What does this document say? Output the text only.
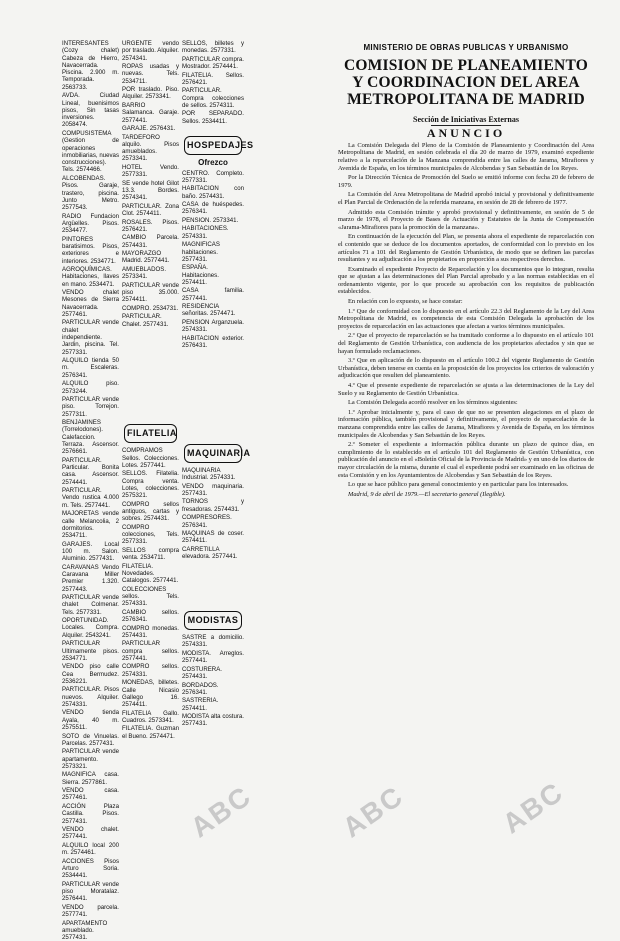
INTERESANTES (Cozy chalet) Cabeza de Hierro, Navacerrada. Piscina. 2.900 m. Temporada. 2563733.

AVDA. Ciudad Lineal, buenisimos pisos, Sin tasas inversiones. 2058474.

COMPUSISTEMA (Gestion de operaciones inmobiliarias, nuevas construcciones). Tels. 2574466.

ALCOBENDAS. Pisos. Garaje, trastero, piscina. Junto Metro. 2577543.

RADIO Fundacion Argüelles. Pisos. 2534477.

PINTORES baratisimos. Pisos, exteriores e interiores. 2534771.

AGROQUÍMICAS. Habitaciones, llaves en mano. 2534471.

VENDO chalet Mesones de Sierra Navacerrada. 2577461.

PARTICULAR vende chalet independiente. Jardin, piscina. Tel. 2577331.

ALQUILO tienda 50 m. Escaleras. 2576341.

ALQUILO piso. 2573244.

PARTICULAR vende piso. Torrejon. 2577311.

BENJAMINES (Torrelodones). Calefaccion. Terraza. Ascensor. 2576661.

PARTICULAR. Particular. Bonita casa. Ascensor. 2574441.

PARTICULAR. Vendo rustica 4.000 m. Tels. 2577441.

MAJORETAS vende calle Melancolia, 2 dormitorios. 2534711.

GARAJES. Local 100 m. Salon. Aluminio. 2577431.

CARAVANAS Vendo Caravana Miller Premier 1.320. 2577443.

PARTICULAR vende chalet Colmenar. Tels. 2577331.

OPORTUNIDAD. Locales. Compra. Alquiler. 2543241.

PARTICULAR Ultimamente pisos. 2534771.

VENDO piso calle Cea Bermudez. 2536221.

PARTICULAR. Pisos nuevos. Alquiler. 2574331.

VENDO tienda Ayala, 40 m. 2575511.

SOTO de Vinuelas. Parcelas. 2577431.

PARTICULAR vende apartamento. 2573321.

MAGNIFICA casa. Sierra. 2577861.

VENDO casa. 2577461.

ACCIÓN Plaza Castilla. Pisos. 2577431.

VENDO chalet. 2577441.

ALQUILO local 200 m. 2574461.

ACCIONES Pisos Arturo Soria. 2534441.

PARTICULAR vende piso Moratalaz. 2576441.

VENDO parcela. 2577741.

APARTAMENTO amueblado. 2577431.

URGENTE vendo por traslado. Alquiler. 2574341.

ROPAS usadas y nuevas. Tels. 2534711.

POR traslado. Piso. Alquiler. 2573341.

BARRIO Salamanca. Garaje. 2577441.

GARAJE. 2576431.

TARDEFORO alquilo. Pisos amueblados. 2573341.

HOTEL Vendo. 2577331.

SE vende hotel Gilot 13.3. Bordes. 2574341.

PARTICULAR. Zona Clot. 2574411.

ROSALES. Pisos. 2576421.

CAMBIO Parcela. 2574431.

MAYORAZGO Madrid. 2577441.

AMUEBLADOS. 2573341.

PARTICULAR vende piso 35.000. 2574411.

COMPRO. 2534731.

PARTICULAR. Chalet. 2577431.

FILATELIA

COMPRAMOS Sellos. Colecciones. Lotes. 2577441.

SELLOS. Filatelia. Compra venta. Lotes, colecciones. 2575321.

COMPRO sellos antiguos, cartas y sobres. 2574431.

COMPRO colecciones, Tels. 2577331.

SELLOS compra venta. 2534711.

FILATELIA. Novedades. Catalogos. 2577441.

COLECCIONES sellos. Tels. 2574331.

CAMBIO sellos. 2576341.

COMPRO monedas. 2574431.

PARTICULAR compra sellos. 2577441.

COMPRO sellos. 2574331.

MONEDAS, billetes. Calle Nicasio Gallego 16. 2574411.

FILATELIA Gallo. Cuadros. 2573341.

FILATELIA. Guzman el Bueno. 2574471.

SELLOS, billetes y monedas. 2577331.

PARTICULAR compra. Mostrador. 2574441.

FILATELIA. Sellos. 2576421.

PARTICULAR. Compra colecciones de sellos. 2574311.

POR SEPARADO. Sellos. 2534411.

HOSPEDAJES
Ofrezco

CENTRO. Completo. 2577331.

HABITACION con baño. 2574431.

CASA de huéspedes. 2576341.

PENSION. 2573341.

HABITACIONES. 2574331.

MAGNIFICAS habitaciones. 2577431.

ESPAÑA. Habitaciones. 2574411.

CASA familia. 2577441.

RESIDENCIA señoritas. 2574471.

PENSION Arganzuela. 2574331.

HABITACION exterior. 2576431.

MAQUINARIA

MAQUINARIA Industrial. 2574331.

VENDO maquinaria. 2577431.

TORNOS y fresadoras. 2574431.

COMPRESORES. 2576341.

MAQUINAS de coser. 2574411.

CARRETILLA elevadora. 2577441.

MODISTAS

SASTRE a domicilio. 2574331.

MODISTA. Arreglos. 2577441.

COSTURERA. 2574431.

BORDADOS. 2576341.

SASTRERIA. 2574411.

MODISTA alta costura. 2577431.

MINISTERIO DE OBRAS PUBLICAS Y URBANISMO
COMISION DE PLANEAMIENTO Y COORDINACION DEL AREA METROPOLITANA DE MADRID
Sección de Iniciativas Externas
ANUNCIO

La Comisión Delegada del Pleno de la Comisión de Planeamiento y Coordinación del Area Metropolitana de Madrid, en sesión celebrada el día 20 de marzo de 1979, examinó expediente relativo a la reparcelación de la Manzana comprendida entre las calles de Jarama, Mirafiores y Avenida de España, en los términos municipales de Alcobendas y San Sebastián de los Reyes.

Por la Dirección Técnica de Promoción del Suelo se emitió informe con fecha 20 de febrero de 1979.

La Comisión del Area Metropolitana de Madrid aprobó inicial y provisional y definitivamente el Plan Parcial de Ordenación de la referida manzana, en sesión de 28 de febrero de 1977.

Admitido esta Comisión trámite y aprobó provisional y definitivamente, en sesión de 5 de marzo de 1978, el Proyecto de Bases de Actuación y Estatutos de la Junta de Compensación «Jarama-Mirafiores para la promoción de la manzana».

En continuación de la ejecución del Plan, se presenta ahora el expediente de reparcelación con el contenido que se deduce de los documentos aportados, de conformidad con lo previsto en los artículos 71 a 101 del Reglamento de Gestión Urbanística, de modo que se definen las parcelas resultantes y su adjudicación a los propietarios en proporción a sus respectivos derechos.

Examinado el expediente Proyecto de Reparcelación y los documentos que lo integran, resulta que se ajustan a las determinaciones del Plan Parcial aprobado y a las normas establecidas en el ordenamiento vigente, por lo que procede su aprobación con los requisitos de publicación establecidos.

En relación con lo expuesto, se hace constar:

1.º Que de conformidad con lo dispuesto en el artículo 22.3 del Reglamento de la Ley del Area Metropolitana de Madrid, es competencia de esta Comisión Delegada la aprobación de los proyectos de reparcelación en las actuaciones que afectan a varios términos municipales.

2.º Que el proyecto de reparcelación se ha tramitado conforme a lo dispuesto en el artículo 101 del Reglamento de Gestión Urbanística, con audiencia de los propietarios afectados y sin que se hayan formulado reclamaciones.

3.º Que en aplicación de lo dispuesto en el artículo 100.2 del vigente Reglamento de Gestión Urbanística, deben tenerse en cuenta en la proposición de los proyectos los criterios de valoración y adjudicación que resulten del planeamiento.

4.º Que el presente expediente de reparcelación se ajusta a las determinaciones de la Ley del Suelo y su Reglamento de Gestión Urbanística.

La Comisión Delegada acordó resolver en los términos siguientes:

1.º Aprobar inicialmente y, para el caso de que no se presenten alegaciones en el plazo de información pública, también provisional y definitivamente, el proyecto de reparcelación de la manzana comprendida entre las calles de Jarama, Mirafiores y Avenida de España, en los términos municipales de Alcobendas y San Sebastián de los Reyes.

2.º Someter el expediente a información pública durante un plazo de quince días, en cumplimiento de lo establecido en el artículo 101 del Reglamento de Gestión Urbanística, con publicación del anuncio en el «Boletín Oficial de la Provincia de Madrid» y en uno de los diarios de mayor circulación de la misma, durante el cual el expediente podrá ser examinado en las oficinas de esta Comisión y en los Ayuntamientos de Alcobendas y San Sebastián de los Reyes.

Lo que se hace público para general conocimiento y en particular para los interesados.

Madrid, 9 de abril de 1979.—El secretario general (Ilegible).

ABC	ABC	ABC
